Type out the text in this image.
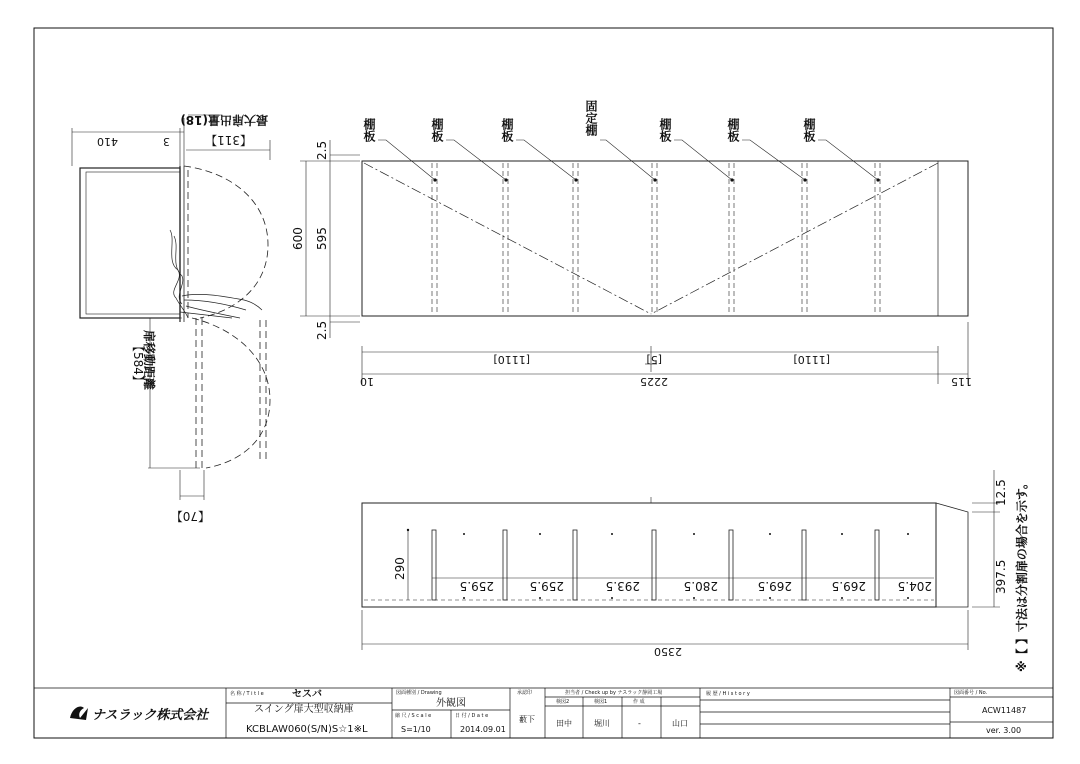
410	3
最大扉出量(18)
【311】
【584】
扉移動距離
【70】
棚板	棚板	棚板	固定棚	棚板	棚板	棚板
2.5
2.5
600 595
[1110]	[5]	[1110]
10	2225	115
290
259.5	259.5	293.5	280.5	269.5	269.5	204.5
2350
12.5
397.5 ※【 】寸法は分割扉の場合を示す。
ナスラック株式会社
名 称 / T i t l e	セスバ
スイング扉大型収納庫
KCBLAW060(S/N)S☆1※L
図面種別 / Drawing
外観図
縮 尺 / S c a l e
S=1/10
日 付 / D a t e
2014.09.01
承認印
藪下
担当者 / Check up by ナスラック静岡工場
検図2	検図1	作 成
田中	堀川	-	山口
履 歴 / H i s t o r y	図面番号 / No.
ACW11487
ver. 3.00
